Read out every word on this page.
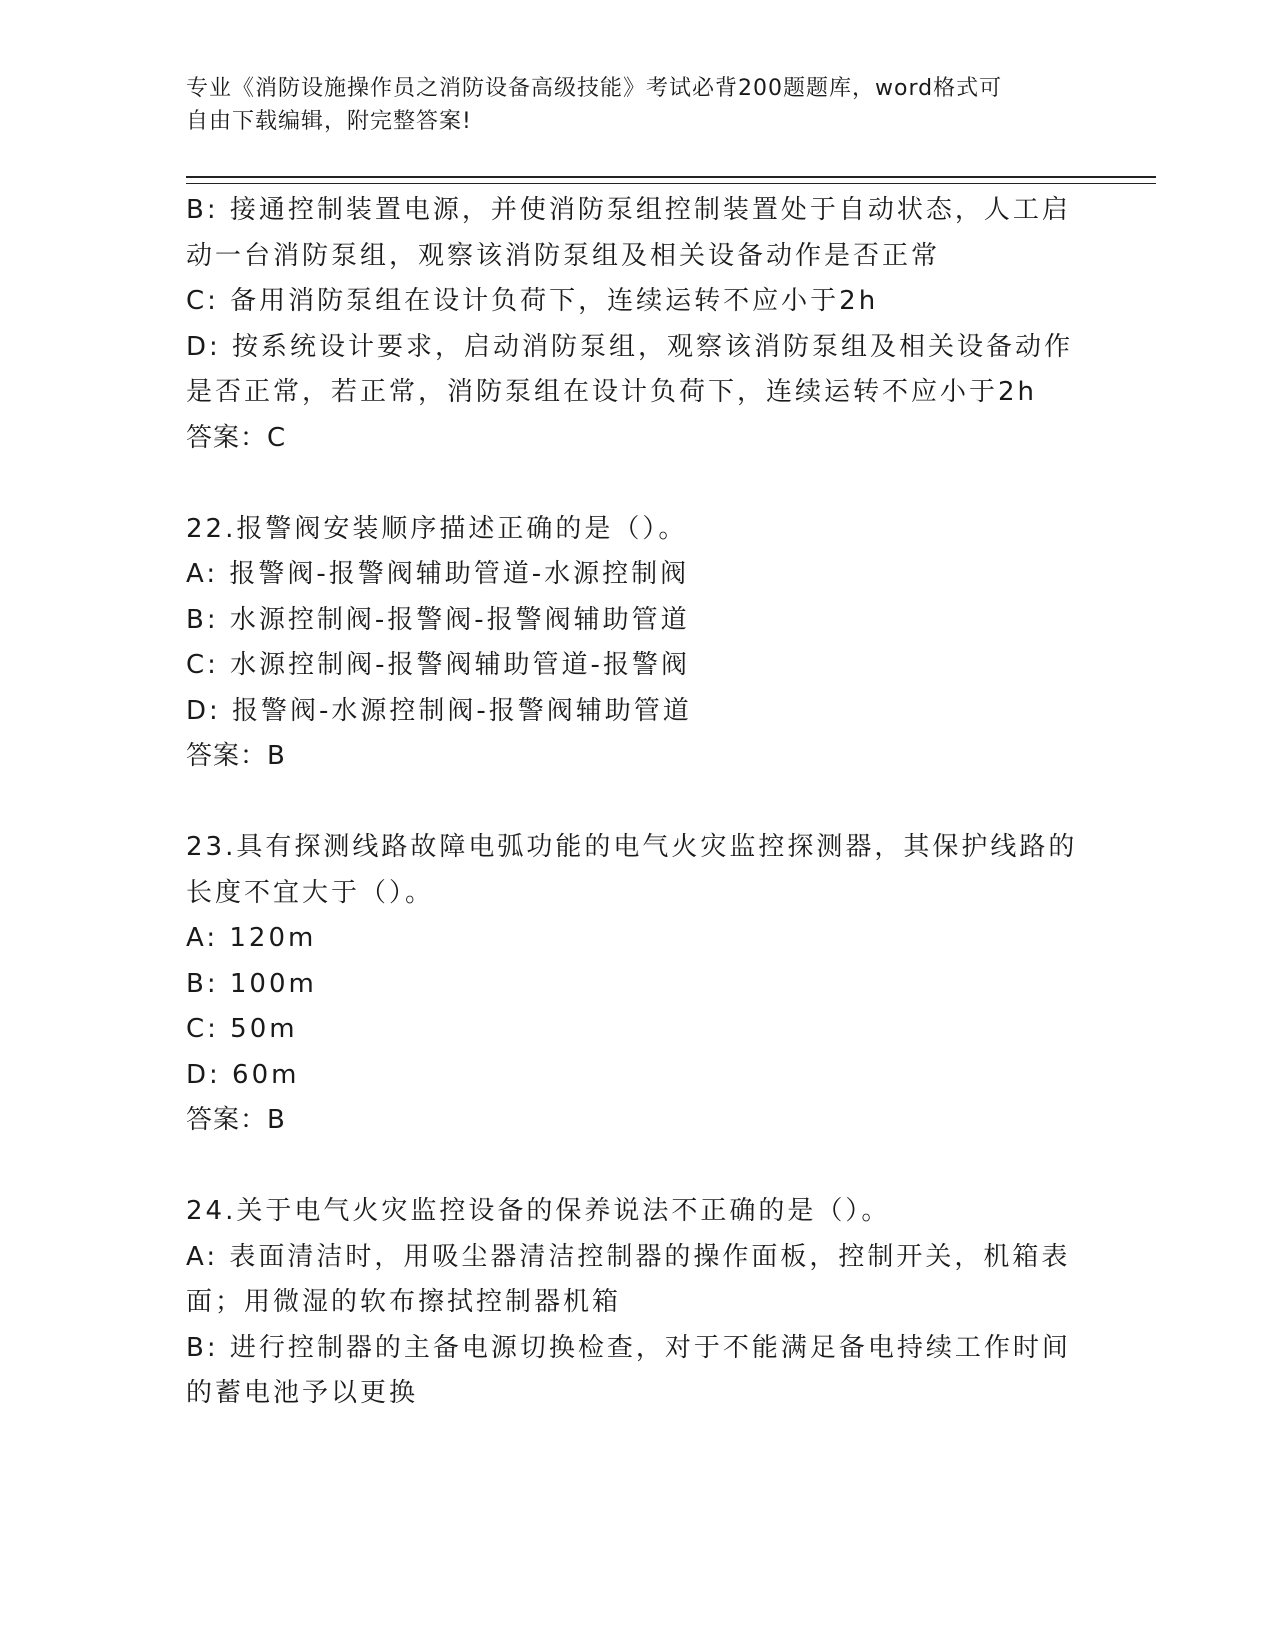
专业《消防设施操作员之消防设备高级技能》考试必背200题题库，word格式可
自由下载编辑，附完整答案!
B: 接通控制装置电源，并使消防泵组控制装置处于自动状态，人工启
动一台消防泵组，观察该消防泵组及相关设备动作是否正常
C: 备用消防泵组在设计负荷下，连续运转不应小于2h
D: 按系统设计要求，启动消防泵组，观察该消防泵组及相关设备动作
是否正常，若正常，消防泵组在设计负荷下，连续运转不应小于2h
答案：C
22.报警阀安装顺序描述正确的是（）。
A: 报警阀-报警阀辅助管道-水源控制阀
B: 水源控制阀-报警阀-报警阀辅助管道
C: 水源控制阀-报警阀辅助管道-报警阀
D: 报警阀-水源控制阀-报警阀辅助管道
答案：B
23.具有探测线路故障电弧功能的电气火灾监控探测器，其保护线路的
长度不宜大于（）。
A: 120m
B: 100m
C: 50m
D: 60m
答案：B
24.关于电气火灾监控设备的保养说法不正确的是（）。
A: 表面清洁时，用吸尘器清洁控制器的操作面板，控制开关，机箱表
面；用微湿的软布擦拭控制器机箱
B: 进行控制器的主备电源切换检查，对于不能满足备电持续工作时间
的蓄电池予以更换
